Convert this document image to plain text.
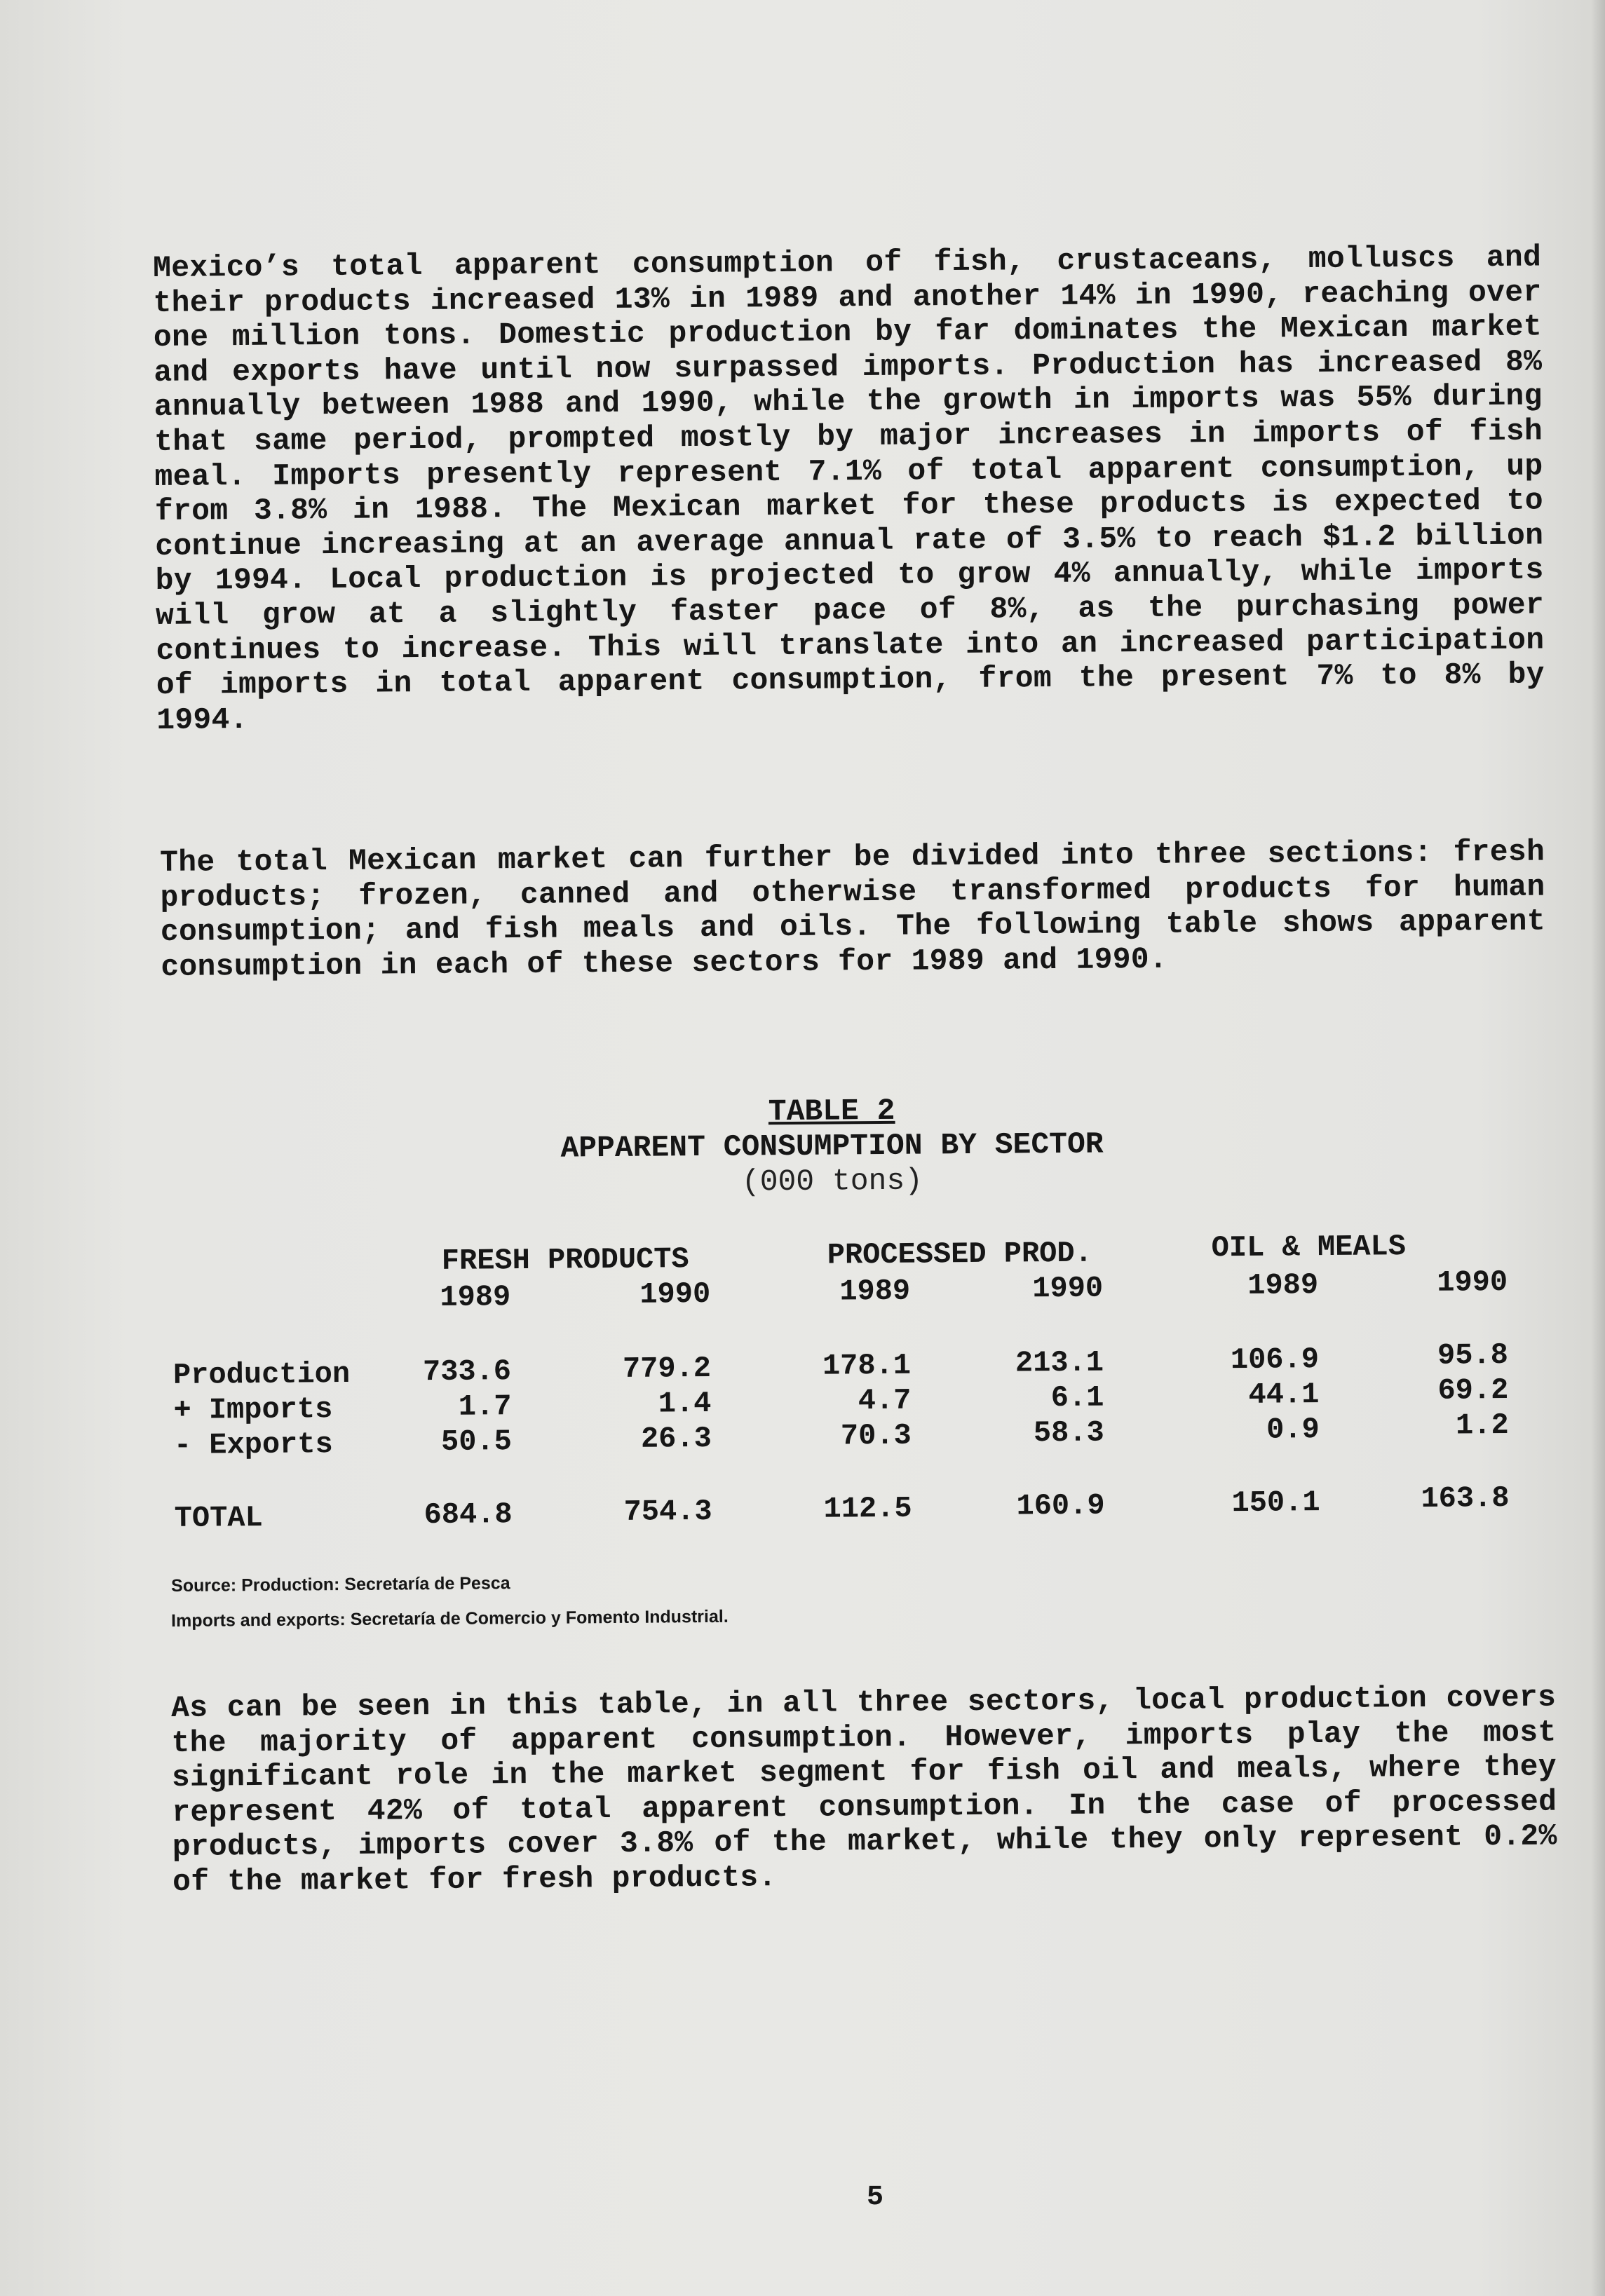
Mexico’s total apparent consumption of fish, crustaceans, molluscs and their products increased 13% in 1989 and another 14% in 1990, reaching over one million tons. Domestic production by far dominates the Mexican market and exports have until now surpassed imports. Production has increased 8% annually between 1988 and 1990, while the growth in imports was 55% during that same period, prompted mostly by major increases in imports of fish meal. Imports presently represent 7.1% of total apparent consumption, up from 3.8% in 1988. The Mexican market for these products is expected to continue increasing at an average annual rate of 3.5% to reach $1.2 billion by 1994. Local production is projected to grow 4% annually, while imports will grow at a slightly faster pace of 8%, as the purchasing power continues to increase. This will translate into an increased participation of imports in total apparent consumption, from the present 7% to 8% by 1994.

The total Mexican market can further be divided into three sections: fresh products; frozen, canned and otherwise transformed products for human consumption; and fish meals and oils. The following table shows apparent consumption in each of these sectors for 1989 and 1990.

TABLE 2
APPARENT CONSUMPTION BY SECTOR
(000 tons)
FRESH PRODUCTS	PROCESSED PROD.	OIL & MEALS
1989	1990	1989	1990	1989	1990
Production	733.6	779.2	178.1	213.1	106.9	95.8
+ Imports	1.7	1.4	4.7	6.1	44.1	69.2
- Exports	50.5	26.3	70.3	58.3	0.9	1.2
TOTAL	684.8	754.3	112.5	160.9	150.1	163.8
Source: Production: Secretaría de Pesca
Imports and exports: Secretaría de Comercio y Fomento Industrial.

As can be seen in this table, in all three sectors, local production covers the majority of apparent consumption. However, imports play the most significant role in the market segment for fish oil and meals, where they represent 42% of total apparent consumption. In the case of processed products, imports cover 3.8% of the market, while they only represent 0.2% of the market for fresh products.

5
